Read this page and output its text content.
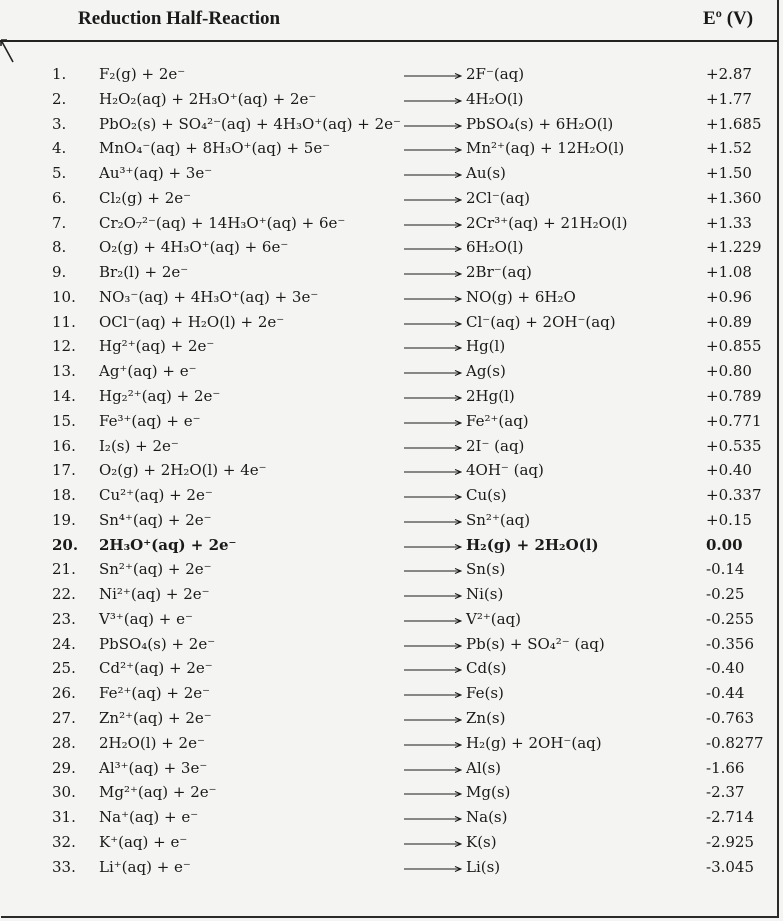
Reduction Half-Reaction	Eº (V)
1.	F₂(g) + 2e⁻	→ 2F⁻(aq)	+2.87
2.	H₂O₂(aq) + 2H₃O⁺(aq) + 2e⁻	→ 4H₂O(l)	+1.77
3.	PbO₂(s) + SO₄²⁻(aq) + 4H₃O⁺(aq) + 2e⁻ → PbSO₄(s) + 6H₂O(l)	+1.685
4.	MnO₄⁻(aq) + 8H₃O⁺(aq) + 5e⁻	→ Mn²⁺(aq) + 12H₂O(l)	+1.52
5.	Au³⁺(aq) + 3e⁻	→ Au(s)	+1.50
6.	Cl₂(g) + 2e⁻	→ 2Cl⁻(aq)	+1.360
7.	Cr₂O₇²⁻(aq) + 14H₃O⁺(aq) + 6e⁻	→ 2Cr³⁺(aq) + 21H₂O(l)	+1.33
8.	O₂(g) + 4H₃O⁺(aq) + 6e⁻	→ 6H₂O(l)	+1.229
9.	Br₂(l) + 2e⁻	→ 2Br⁻(aq)	+1.08
10.	NO₃⁻(aq) + 4H₃O⁺(aq) + 3e⁻	→ NO(g) + 6H₂O	+0.96
11.	OCl⁻(aq) + H₂O(l) + 2e⁻	→ Cl⁻(aq) + 2OH⁻(aq)	+0.89
12.	Hg²⁺(aq) + 2e⁻	→ Hg(l)	+0.855
13.	Ag⁺(aq) + e⁻	→ Ag(s)	+0.80
14.	Hg₂²⁺(aq) + 2e⁻	→ 2Hg(l)	+0.789
15.	Fe³⁺(aq) + e⁻	→ Fe²⁺(aq)	+0.771
16.	I₂(s) + 2e⁻	→ 2I⁻ (aq)	+0.535
17.	O₂(g) + 2H₂O(l) + 4e⁻	→ 4OH⁻ (aq)	+0.40
18.	Cu²⁺(aq) + 2e⁻	→ Cu(s)	+0.337
19.	Sn⁴⁺(aq) + 2e⁻	→ Sn²⁺(aq)	+0.15
20. 2H₃O⁺(aq) + 2e⁻	→ H₂(g) + 2H₂O(l)	0.00
21.	Sn²⁺(aq) + 2e⁻	→ Sn(s)	-0.14
22.	Ni²⁺(aq) + 2e⁻	→ Ni(s)	-0.25
23.	V³⁺(aq) + e⁻	→ V²⁺(aq)	-0.255
24.	PbSO₄(s) + 2e⁻	→ Pb(s) + SO₄²⁻ (aq)	-0.356
25.	Cd²⁺(aq) + 2e⁻	→ Cd(s)	-0.40
26.	Fe²⁺(aq) + 2e⁻	→ Fe(s)	-0.44
27.	Zn²⁺(aq) + 2e⁻	→ Zn(s)	-0.763
28.	2H₂O(l) + 2e⁻	→ H₂(g) + 2OH⁻(aq)	-0.8277
29.	Al³⁺(aq) + 3e⁻	→ Al(s)	-1.66
30.	Mg²⁺(aq) + 2e⁻	→ Mg(s)	-2.37
31.	Na⁺(aq) + e⁻	→ Na(s)	-2.714
32.	K⁺(aq) + e⁻	→ K(s)	-2.925
33.	Li⁺(aq) + e⁻	→ Li(s)	-3.045
